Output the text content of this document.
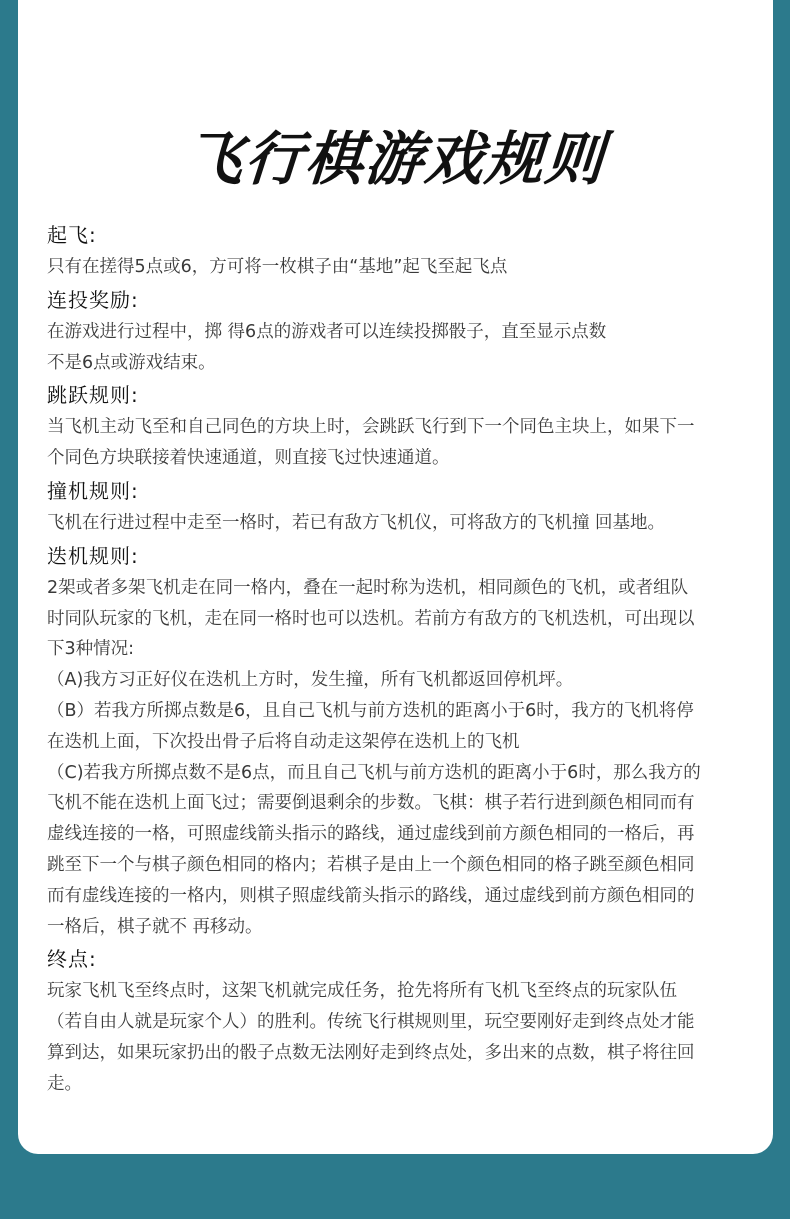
飞行棋游戏规则
起飞:
只有在搓得5点或6，方可将一枚棋子由“基地”起飞至起飞点
连投奖励:
在游戏进行过程中，掷 得6点的游戏者可以连续投掷骰子，直至显示点数
不是6点或游戏结束。
跳跃规则:
当飞机主动飞至和自己同色的方块上时，会跳跃飞行到下一个同色主块上，如果下一
个同色方块联接着快速通道，则直接飞过快速通道。
撞机规则:
飞机在行进过程中走至一格时，若已有敌方飞机仪，可将敌方的飞机撞 回基地。
迭机规则:
2架或者多架飞机走在同一格内，叠在一起时称为迭机，相同颜色的飞机，或者组队
时同队玩家的飞机，走在同一格时也可以迭机。若前方有敌方的飞机迭机，可出现以
下3种情况:
（A)我方习正好仪在迭机上方时，发生撞，所有飞机都返回停机坪。
（B）若我方所掷点数是6，且自己飞机与前方迭机的距离小于6时，我方的飞机将停
在迭机上面，下次投出骨子后将自动走这架停在迭机上的飞机
（C)若我方所掷点数不是6点，而且自己飞机与前方迭机的距离小于6时，那么我方的
飞机不能在迭机上面飞过；需要倒退剩余的步数。飞棋：棋子若行进到颜色相同而有
虚线连接的一格，可照虚线箭头指示的路线，通过虚线到前方颜色相同的一格后，再
跳至下一个与棋子颜色相同的格内；若棋子是由上一个颜色相同的格子跳至颜色相同
而有虚线连接的一格内，则棋子照虚线箭头指示的路线，通过虚线到前方颜色相同的
一格后，棋子就不 再移动。
终点:
玩家飞机飞至终点时，这架飞机就完成任务，抢先将所有飞机飞至终点的玩家队伍
（若自由人就是玩家个人）的胜利。传统飞行棋规则里，玩空要刚好走到终点处才能
算到达，如果玩家扔出的骰子点数无法刚好走到终点处，多出来的点数，棋子将往回
走。
